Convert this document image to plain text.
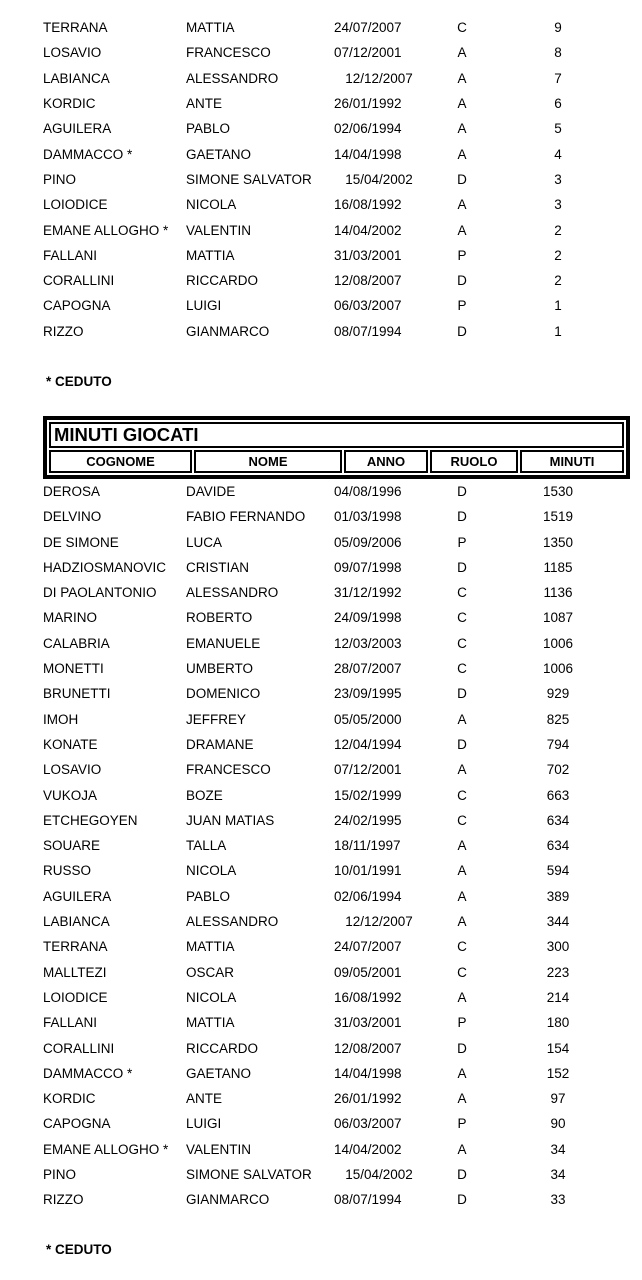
TERRANA	MATTIA	24/07/2007	C	9
LOSAVIO	FRANCESCO	07/12/2001	A	8
LABIANCA	ALESSANDRO	12/12/2007	A	7
KORDIC	ANTE	26/01/1992	A	6
AGUILERA	PABLO	02/06/1994	A	5
DAMMACCO *	GAETANO	14/04/1998	A	4
PINO	SIMONE SALVATOR	15/04/2002	D	3
LOIODICE	NICOLA	16/08/1992	A	3
EMANE ALLOGHO *	VALENTIN	14/04/2002	A	2
FALLANI	MATTIA	31/03/2001	P	2
CORALLINI	RICCARDO	12/08/2007	D	2
CAPOGNA	LUIGI	06/03/2007	P	1
RIZZO	GIANMARCO	08/07/1994	D	1
* CEDUTO
MINUTI GIOCATI
COGNOME	NOME	ANNO	RUOLO	MINUTI
DEROSA	DAVIDE	04/08/1996	D	1530
DELVINO	FABIO FERNANDO	01/03/1998	D	1519
DE SIMONE	LUCA	05/09/2006	P	1350
HADZIOSMANOVIC	CRISTIAN	09/07/1998	D	1185
DI PAOLANTONIO	ALESSANDRO	31/12/1992	C	1136
MARINO	ROBERTO	24/09/1998	C	1087
CALABRIA	EMANUELE	12/03/2003	C	1006
MONETTI	UMBERTO	28/07/2007	C	1006
BRUNETTI	DOMENICO	23/09/1995	D	929
IMOH	JEFFREY	05/05/2000	A	825
KONATE	DRAMANE	12/04/1994	D	794
LOSAVIO	FRANCESCO	07/12/2001	A	702
VUKOJA	BOZE	15/02/1999	C	663
ETCHEGOYEN	JUAN MATIAS	24/02/1995	C	634
SOUARE	TALLA	18/11/1997	A	634
RUSSO	NICOLA	10/01/1991	A	594
AGUILERA	PABLO	02/06/1994	A	389
LABIANCA	ALESSANDRO	12/12/2007	A	344
TERRANA	MATTIA	24/07/2007	C	300
MALLTEZI	OSCAR	09/05/2001	C	223
LOIODICE	NICOLA	16/08/1992	A	214
FALLANI	MATTIA	31/03/2001	P	180
CORALLINI	RICCARDO	12/08/2007	D	154
DAMMACCO *	GAETANO	14/04/1998	A	152
KORDIC	ANTE	26/01/1992	A	97
CAPOGNA	LUIGI	06/03/2007	P	90
EMANE ALLOGHO *	VALENTIN	14/04/2002	A	34
PINO	SIMONE SALVATOR	15/04/2002	D	34
RIZZO	GIANMARCO	08/07/1994	D	33
* CEDUTO
